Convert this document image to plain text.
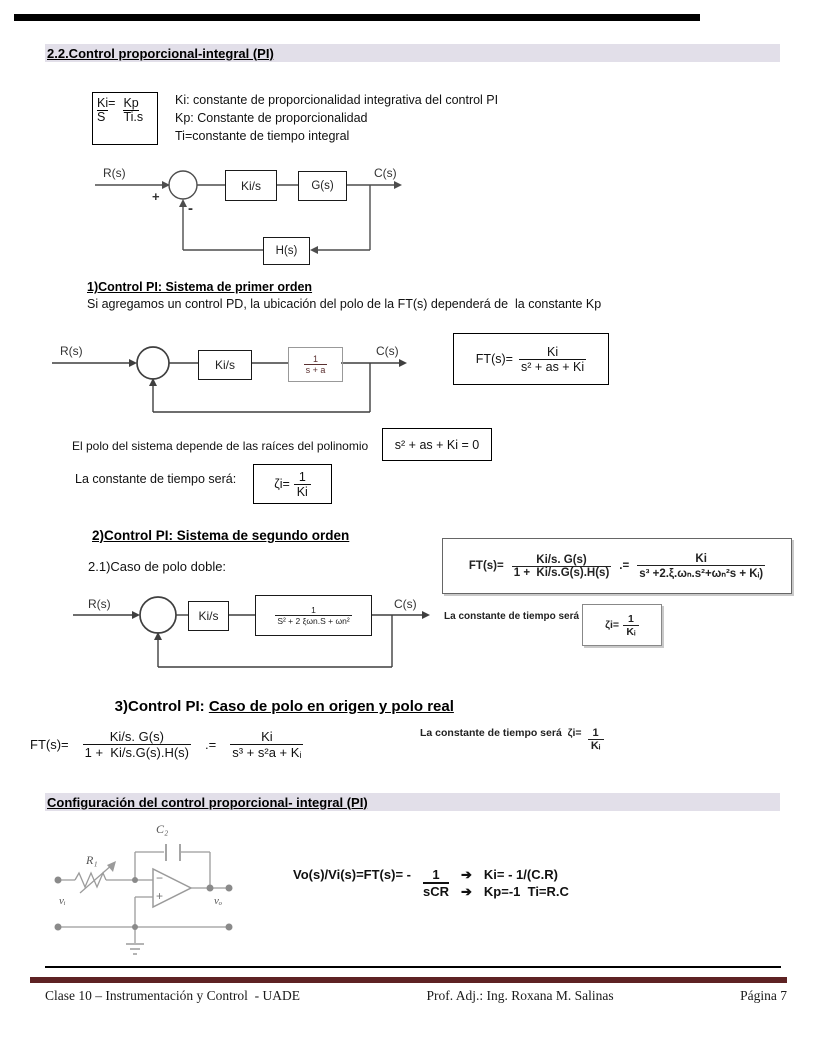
2.2.Control proporcional-integral (PI)
Ki=
S
Kp
Ti.s
Ki: constante de proporcionalidad integrativa del control PI
Kp: Constante de proporcionalidad
Ti=constante de tiempo integral
R(s)
+
-
Ki/s	G(s)
C(s)
H(s)
1)Control PI: Sistema de primer orden
Si agregamos un control PD, la ubicación del polo de la FT(s) dependerá de  la constante Kp
R(s)
Ki/s	$\frac{1}{s + a}$
C(s)
$FT(s)= \frac{Ki}{\text{s² + as + Ki}}$
El polo del sistema depende de las raíces del polinomio s² + as + Ki = 0
La constante de tiempo será:	$\zeta i= \frac{1}{Ki}$
2)Control PI: Sistema de segundo orden
2.1)Caso de polo doble:	$FT(s)= \frac{Ki/s. G(s)}{1 + Ki/s.G(s).H(s)}$ .= $\frac{Ki}{\text{s³ +2.ξ.ωₙ.s²+ωₙ²s + Kᵢ)}}$
R(s)
Ki/s	$\frac{1}{\text{S² + 2 ξωn.S + ωn²}}$
C(s)
La constante de tiempo será
$\zeta i= \frac{1}{\text{Kᵢ}}$

3)Control PI: Caso de polo en origen y polo real

$FT(s)= \frac{Ki/s. G(s)}{1 + Ki/s.G(s).H(s)}$ .= $\frac{Ki}{\text{s³ + s²a + Kᵢ}}$	La constante de tiempo será  $\zeta i= \frac{1}{\text{Kᵢ}}$
Configuración del control proporcional- integral (PI)
C₂
R₁
vᵢ	vₒ
−
+
Vo(s)/Vi(s)=FT(s)= -	1
sCR
➔
➔
Ki= - 1/(C.R)
Kp=-1  Ti=R.C
Clase 10 – Instrumentación y Control  - UADE	Prof. Adj.: Ing. Roxana M. Salinas	Página 7
